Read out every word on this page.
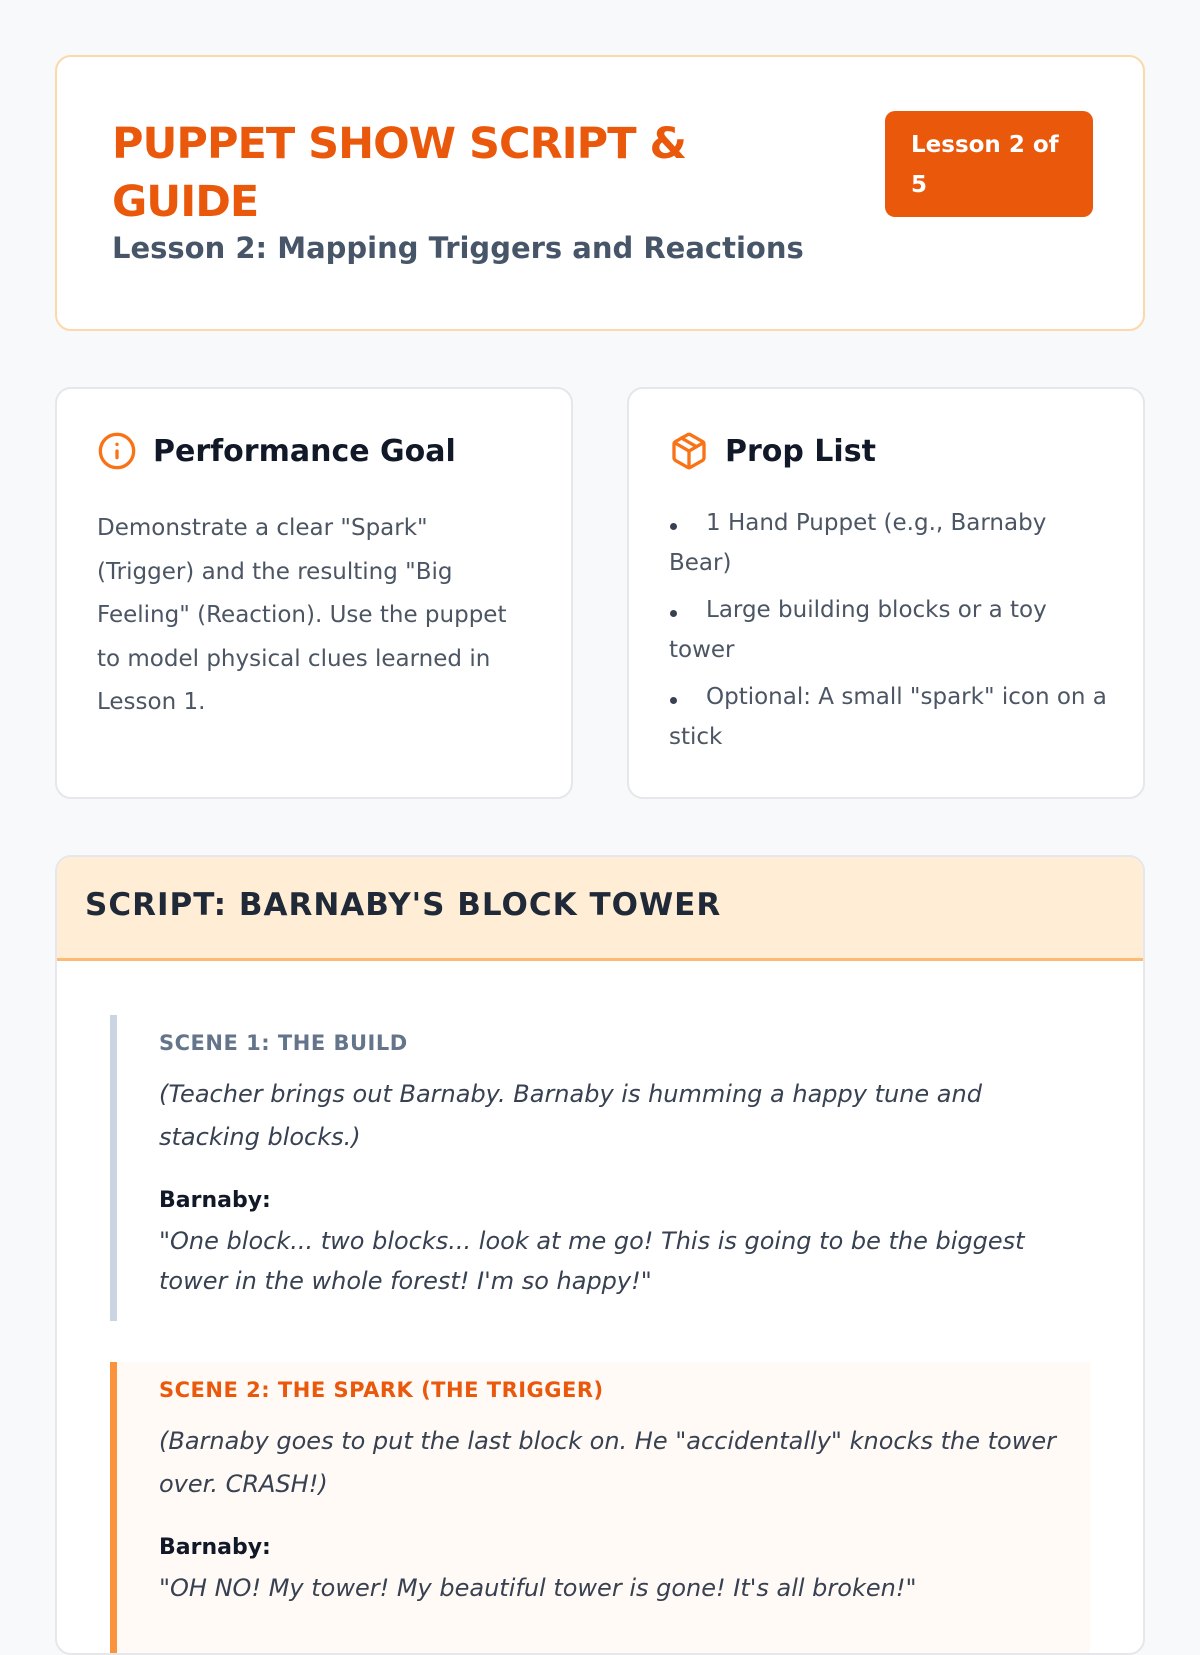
PUPPET SHOW SCRIPT & GUIDE

Lesson 2: Mapping Triggers and Reactions

Lesson 2 of 5
Performance Goal

Demonstrate a clear "Spark" (Trigger) and the resulting "Big Feeling" (Reaction). Use the puppet to model physical clues learned in Lesson 1.

Prop List
1 Hand Puppet (e.g., Barnaby Bear)
Large building blocks or a toy tower
Optional: A small "spark" icon on a stick
SCRIPT: BARNABY'S BLOCK TOWER

SCENE 1: THE BUILD

(Teacher brings out Barnaby. Barnaby is humming a happy tune and stacking blocks.)

Barnaby:

"One block... two blocks... look at me go! This is going to be the biggest tower in the whole forest! I'm so happy!"

SCENE 2: THE SPARK (THE TRIGGER)

(Barnaby goes to put the last block on. He "accidentally" knocks the tower over. CRASH!)

Barnaby:

"OH NO! My tower! My beautiful tower is gone! It's all broken!"
